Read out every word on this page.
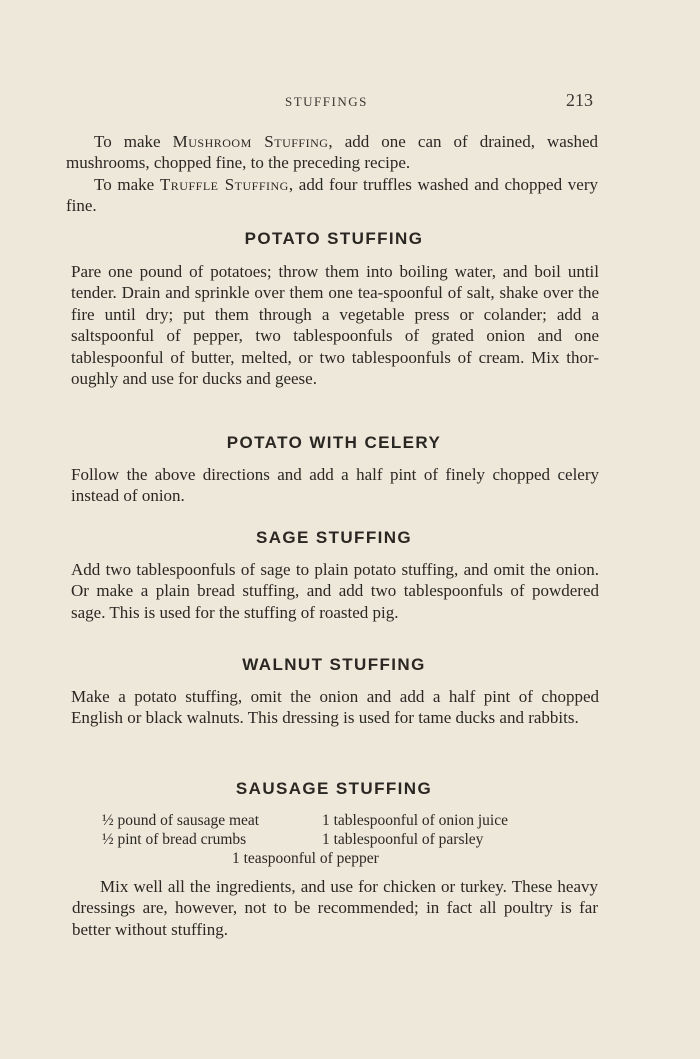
STUFFINGS	213

To make Mushroom Stuffing, add one can of drained, washed mushrooms, chopped fine, to the preceding recipe.

To make Truffle Stuffing, add four truffles washed and chopped very fine.

POTATO STUFFING

Pare one pound of potatoes; throw them into boiling water, and boil until tender. Drain and sprinkle over them one tea-spoonful of salt, shake over the fire until dry; put them through a vegetable press or colander; add a saltspoonful of pepper, two tablespoonfuls of grated onion and one tablespoonful of butter, melted, or two tablespoonfuls of cream. Mix thor-oughly and use for ducks and geese.

POTATO WITH CELERY

Follow the above directions and add a half pint of finely chopped celery instead of onion.

SAGE STUFFING

Add two tablespoonfuls of sage to plain potato stuffing, and omit the onion. Or make a plain bread stuffing, and add two tablespoonfuls of powdered sage. This is used for the stuffing of roasted pig.

WALNUT STUFFING

Make a potato stuffing, omit the onion and add a half pint of chopped English or black walnuts. This dressing is used for tame ducks and rabbits.

SAUSAGE STUFFING
½ pound of sausage meat	1 tablespoonful of onion juice
½ pint of bread crumbs	1 tablespoonful of parsley
1 teaspoonful of pepper

Mix well all the ingredients, and use for chicken or turkey. These heavy dressings are, however, not to be recommended; in fact all poultry is far better without stuffing.
